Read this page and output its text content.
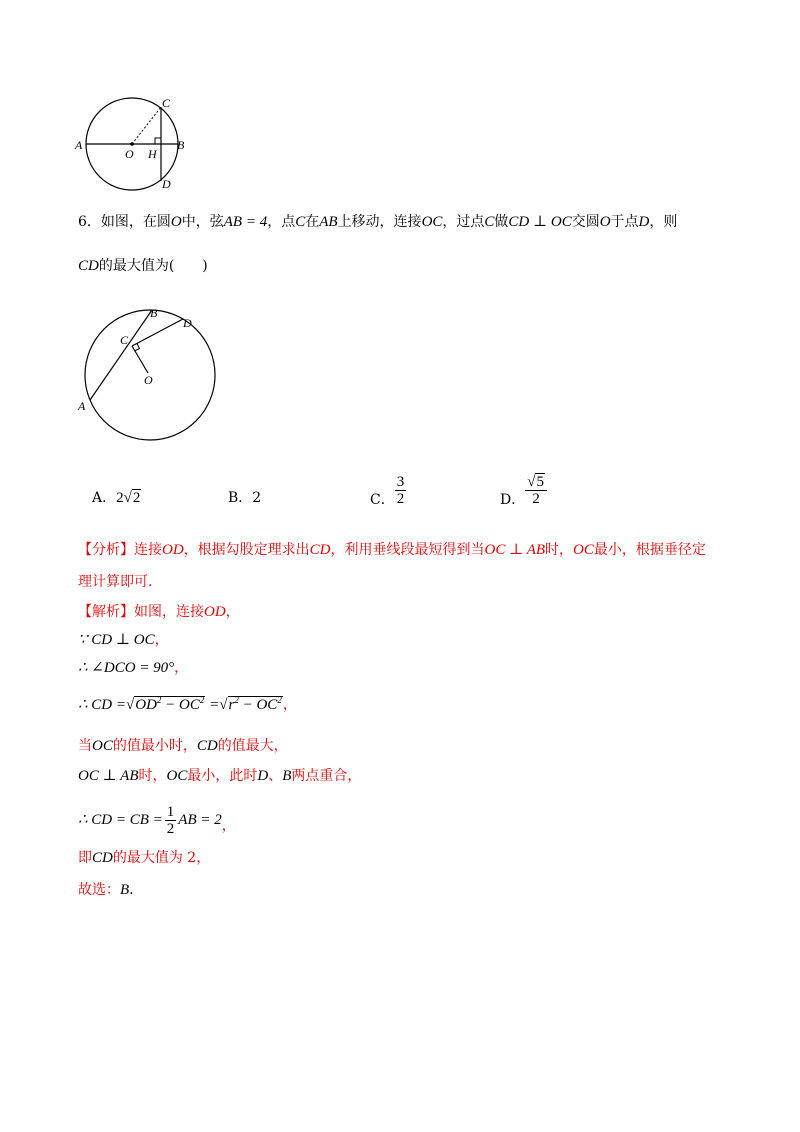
A
O H
B
C
D
6．如图，在圆O中，弦AB = 4，点C在AB上移动，连接OC，过点C做CD ⊥ OC交圆O于点D，则
CD的最大值为(　　)
A
B
C
D
O
A．2√2	B．2	C． $\frac{3}{2}$	D． $\frac{√5}{2}$
【分析】连接OD，根据勾股定理求出CD，利用垂线段最短得到当OC ⊥ AB时，OC最小，根据垂径定
理计算即可.
【解析】如图，连接OD，
∵ CD ⊥ OC，
∴ ∠DCO = 90°，
∴ CD $=√OD^2 - OC^2 =√r^2 - OC^2$，
当OC的值最小时，CD的值最大，
OC ⊥ AB时，OC最小，此时D、B两点重合，
∴ CD = CB = $\frac{1}{2}$ AB = 2 ，
即CD的最大值为 2，
故选：B.
